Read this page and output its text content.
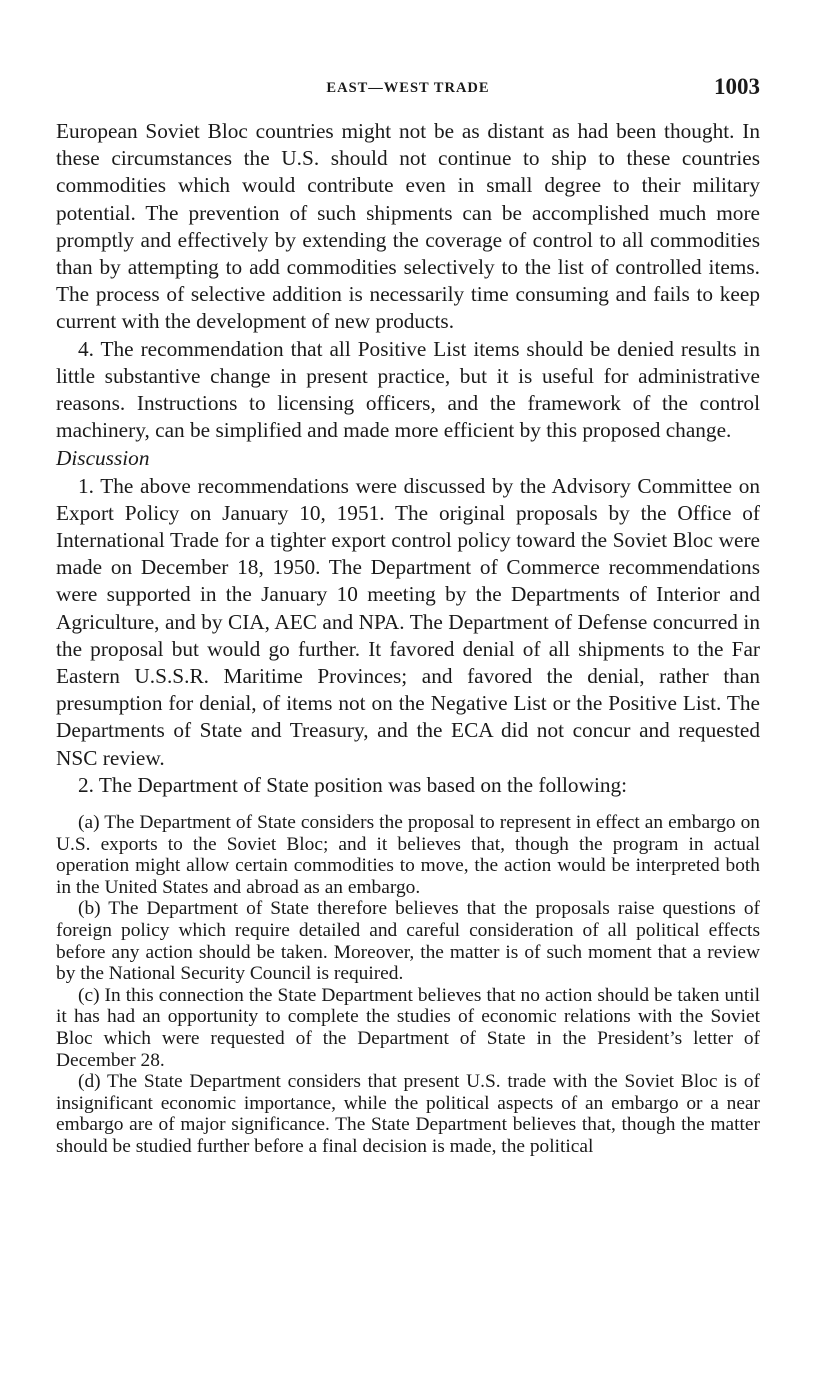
EAST—WEST TRADE	1003

European Soviet Bloc countries might not be as distant as had been thought. In these circumstances the U.S. should not continue to ship to these countries commodities which would contribute even in small degree to their military potential. The prevention of such shipments can be accomplished much more promptly and effectively by extending the coverage of control to all commodities than by attempting to add commodities selectively to the list of controlled items. The process of selective addition is necessarily time consuming and fails to keep current with the development of new products.

4. The recommendation that all Positive List items should be denied results in little substantive change in present practice, but it is useful for administrative reasons. Instructions to licensing officers, and the framework of the control machinery, can be simplified and made more efficient by this proposed change.

Discussion

1. The above recommendations were discussed by the Advisory Committee on Export Policy on January 10, 1951. The original proposals by the Office of International Trade for a tighter export control policy toward the Soviet Bloc were made on December 18, 1950. The Department of Commerce recommendations were supported in the January 10 meeting by the Departments of Interior and Agriculture, and by CIA, AEC and NPA. The Department of Defense concurred in the proposal but would go further. It favored denial of all shipments to the Far Eastern U.S.S.R. Maritime Provinces; and favored the denial, rather than presumption for denial, of items not on the Negative List or the Positive List. The Departments of State and Treasury, and the ECA did not concur and requested NSC review.

2. The Department of State position was based on the following:

(a) The Department of State considers the proposal to represent in effect an embargo on U.S. exports to the Soviet Bloc; and it believes that, though the program in actual operation might allow certain commodities to move, the action would be interpreted both in the United States and abroad as an embargo.

(b) The Department of State therefore believes that the proposals raise questions of foreign policy which require detailed and careful consideration of all political effects before any action should be taken. Moreover, the matter is of such moment that a review by the National Security Council is required.

(c) In this connection the State Department believes that no action should be taken until it has had an opportunity to complete the studies of economic relations with the Soviet Bloc which were requested of the Department of State in the President’s letter of December 28.

(d) The State Department considers that present U.S. trade with the Soviet Bloc is of insignificant economic importance, while the political aspects of an embargo or a near embargo are of major significance. The State Department believes that, though the matter should be studied further before a final decision is made, the political
